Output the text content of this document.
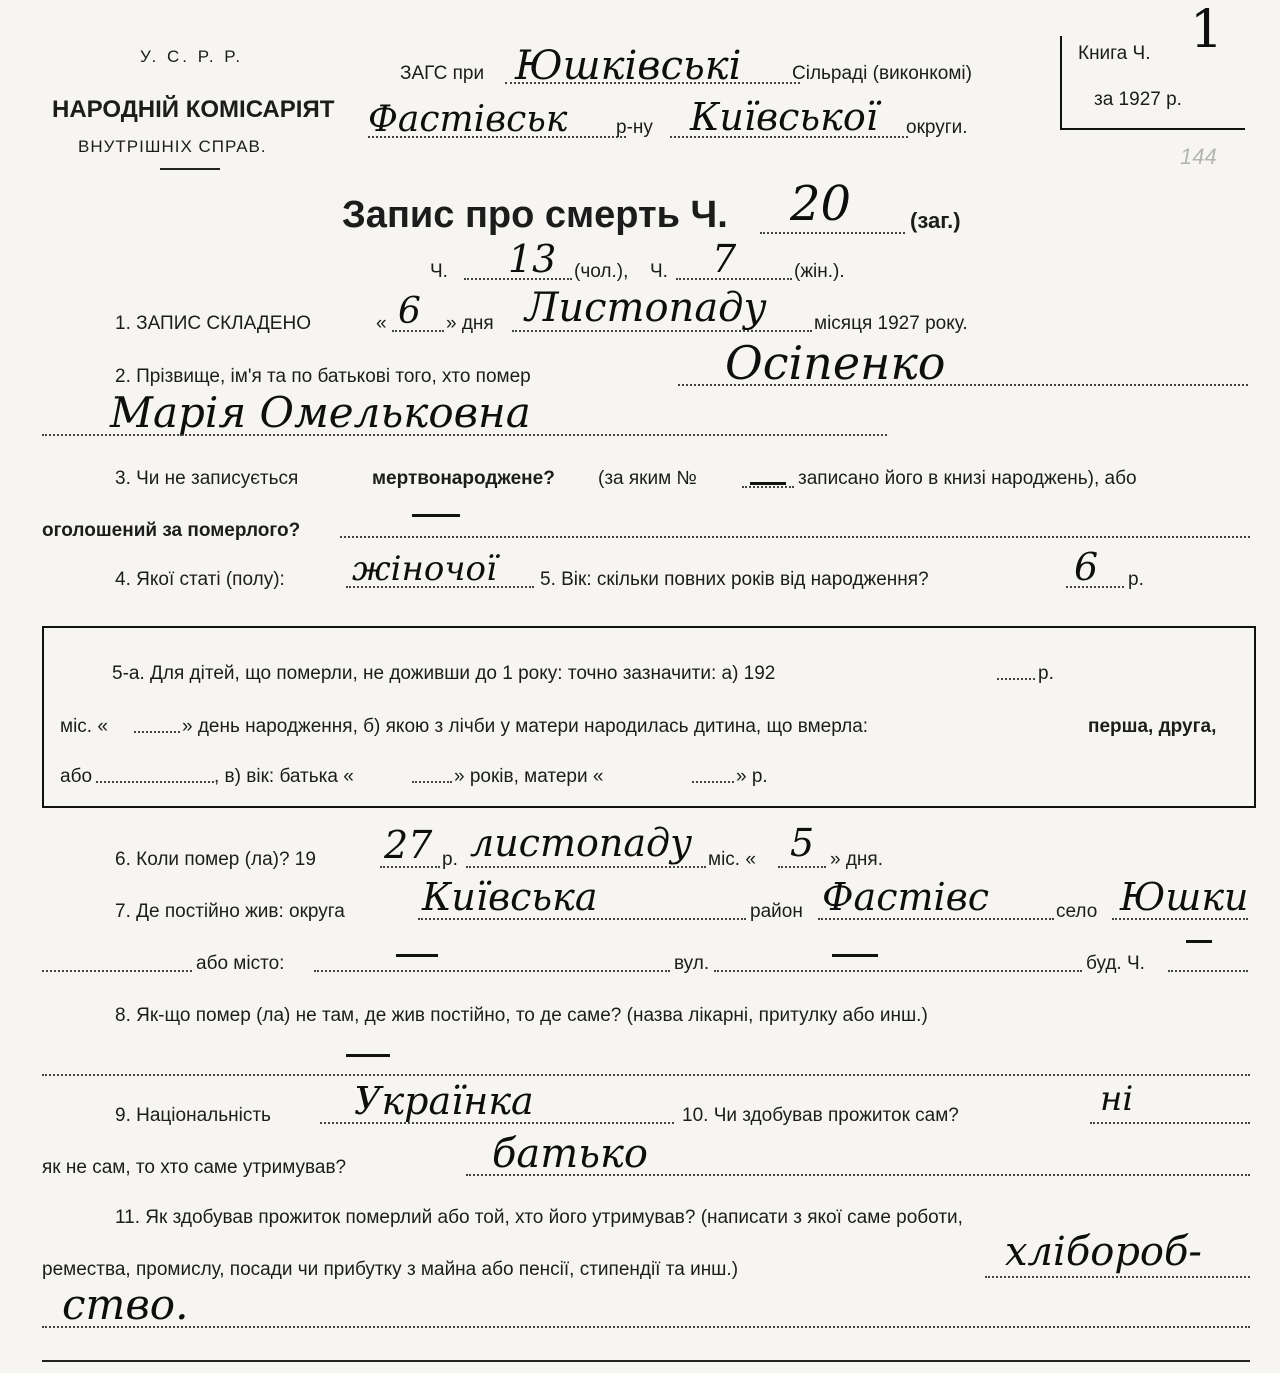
У. С. Р. Р.
НАРОДНІЙ КОМІСАРІЯТ
ВНУТРІШНІХ СПРАВ.
ЗАГС при Юшківські	Сільраді (виконкомі)
Фастівськ	р-ну Київської округи.
Книга Ч. 1
за 1927 р.
144
Запис про смерть Ч. 20	(заг.)
Ч. 13 (чол.), Ч. 7	(жін.).
1. ЗАПИС СКЛАДЕНО	« 6 » дня Листопаду місяця 1927 року.
2. Прізвище, ім'я та по батькові того, хто помер	Осіпенко
Марія Омельковна
3. Чи не записується	мертвонароджене? (за яким №	записано його в книзі народжень), або
оголошений за померлого?
4. Якої статі (полу): жіночої 5. Вік: скільки повних років від народження?	6 р.
5-а. Для дітей, що померли, не доживши до 1 року: точно зазначити: а) 192	р.
міс. «	» день народження, б) якою з лічби у матери народилась дитина, що вмерла:	перша, друга,
або	, в) вік: батька «	» років, матери «	» р.
6. Коли помер (ла)? 19 27 р. листопаду міс. « 5 » дня.
7. Де постійно жив: округа Київська	район Фастівс	село Юшки
або місто:	вул.	буд. Ч.
8. Як-що помер (ла) не там, де жив постійно, то де саме? (назва лікарні, притулку або инш.)
9. Національність Українка	10. Чи здобував прожиток сам?	ні
як не сам, то хто саме утримував?	батько
11. Як здобував прожиток померлий або той, хто його утримував? (написати з якої саме роботи,
ремества, промислу, посади чи прибутку з майна або пенсії, стипендії та инш.)	хлібороб-
ство.
